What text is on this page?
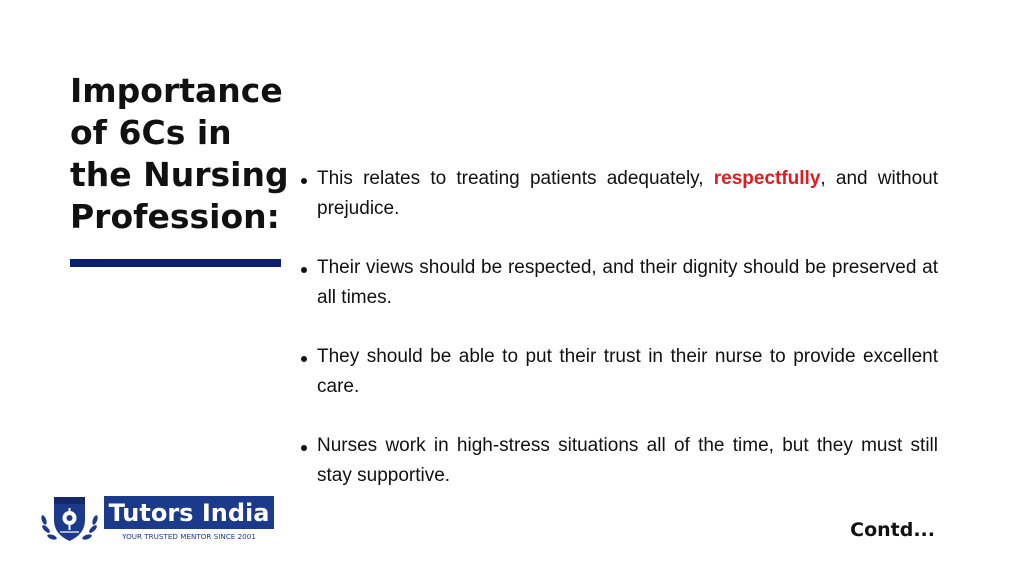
Importance
of 6Cs in
the Nursing
Profession:
This relates to treating patients adequately, respectfully, and without prejudice.
Their views should be respected, and their dignity should be preserved at all times.
They should be able to put their trust in their nurse to provide excellent care.
Nurses work in high-stress situations all of the time, but they must still stay supportive.
Tutors India
YOUR TRUSTED MENTOR SINCE 2001	Contd...
